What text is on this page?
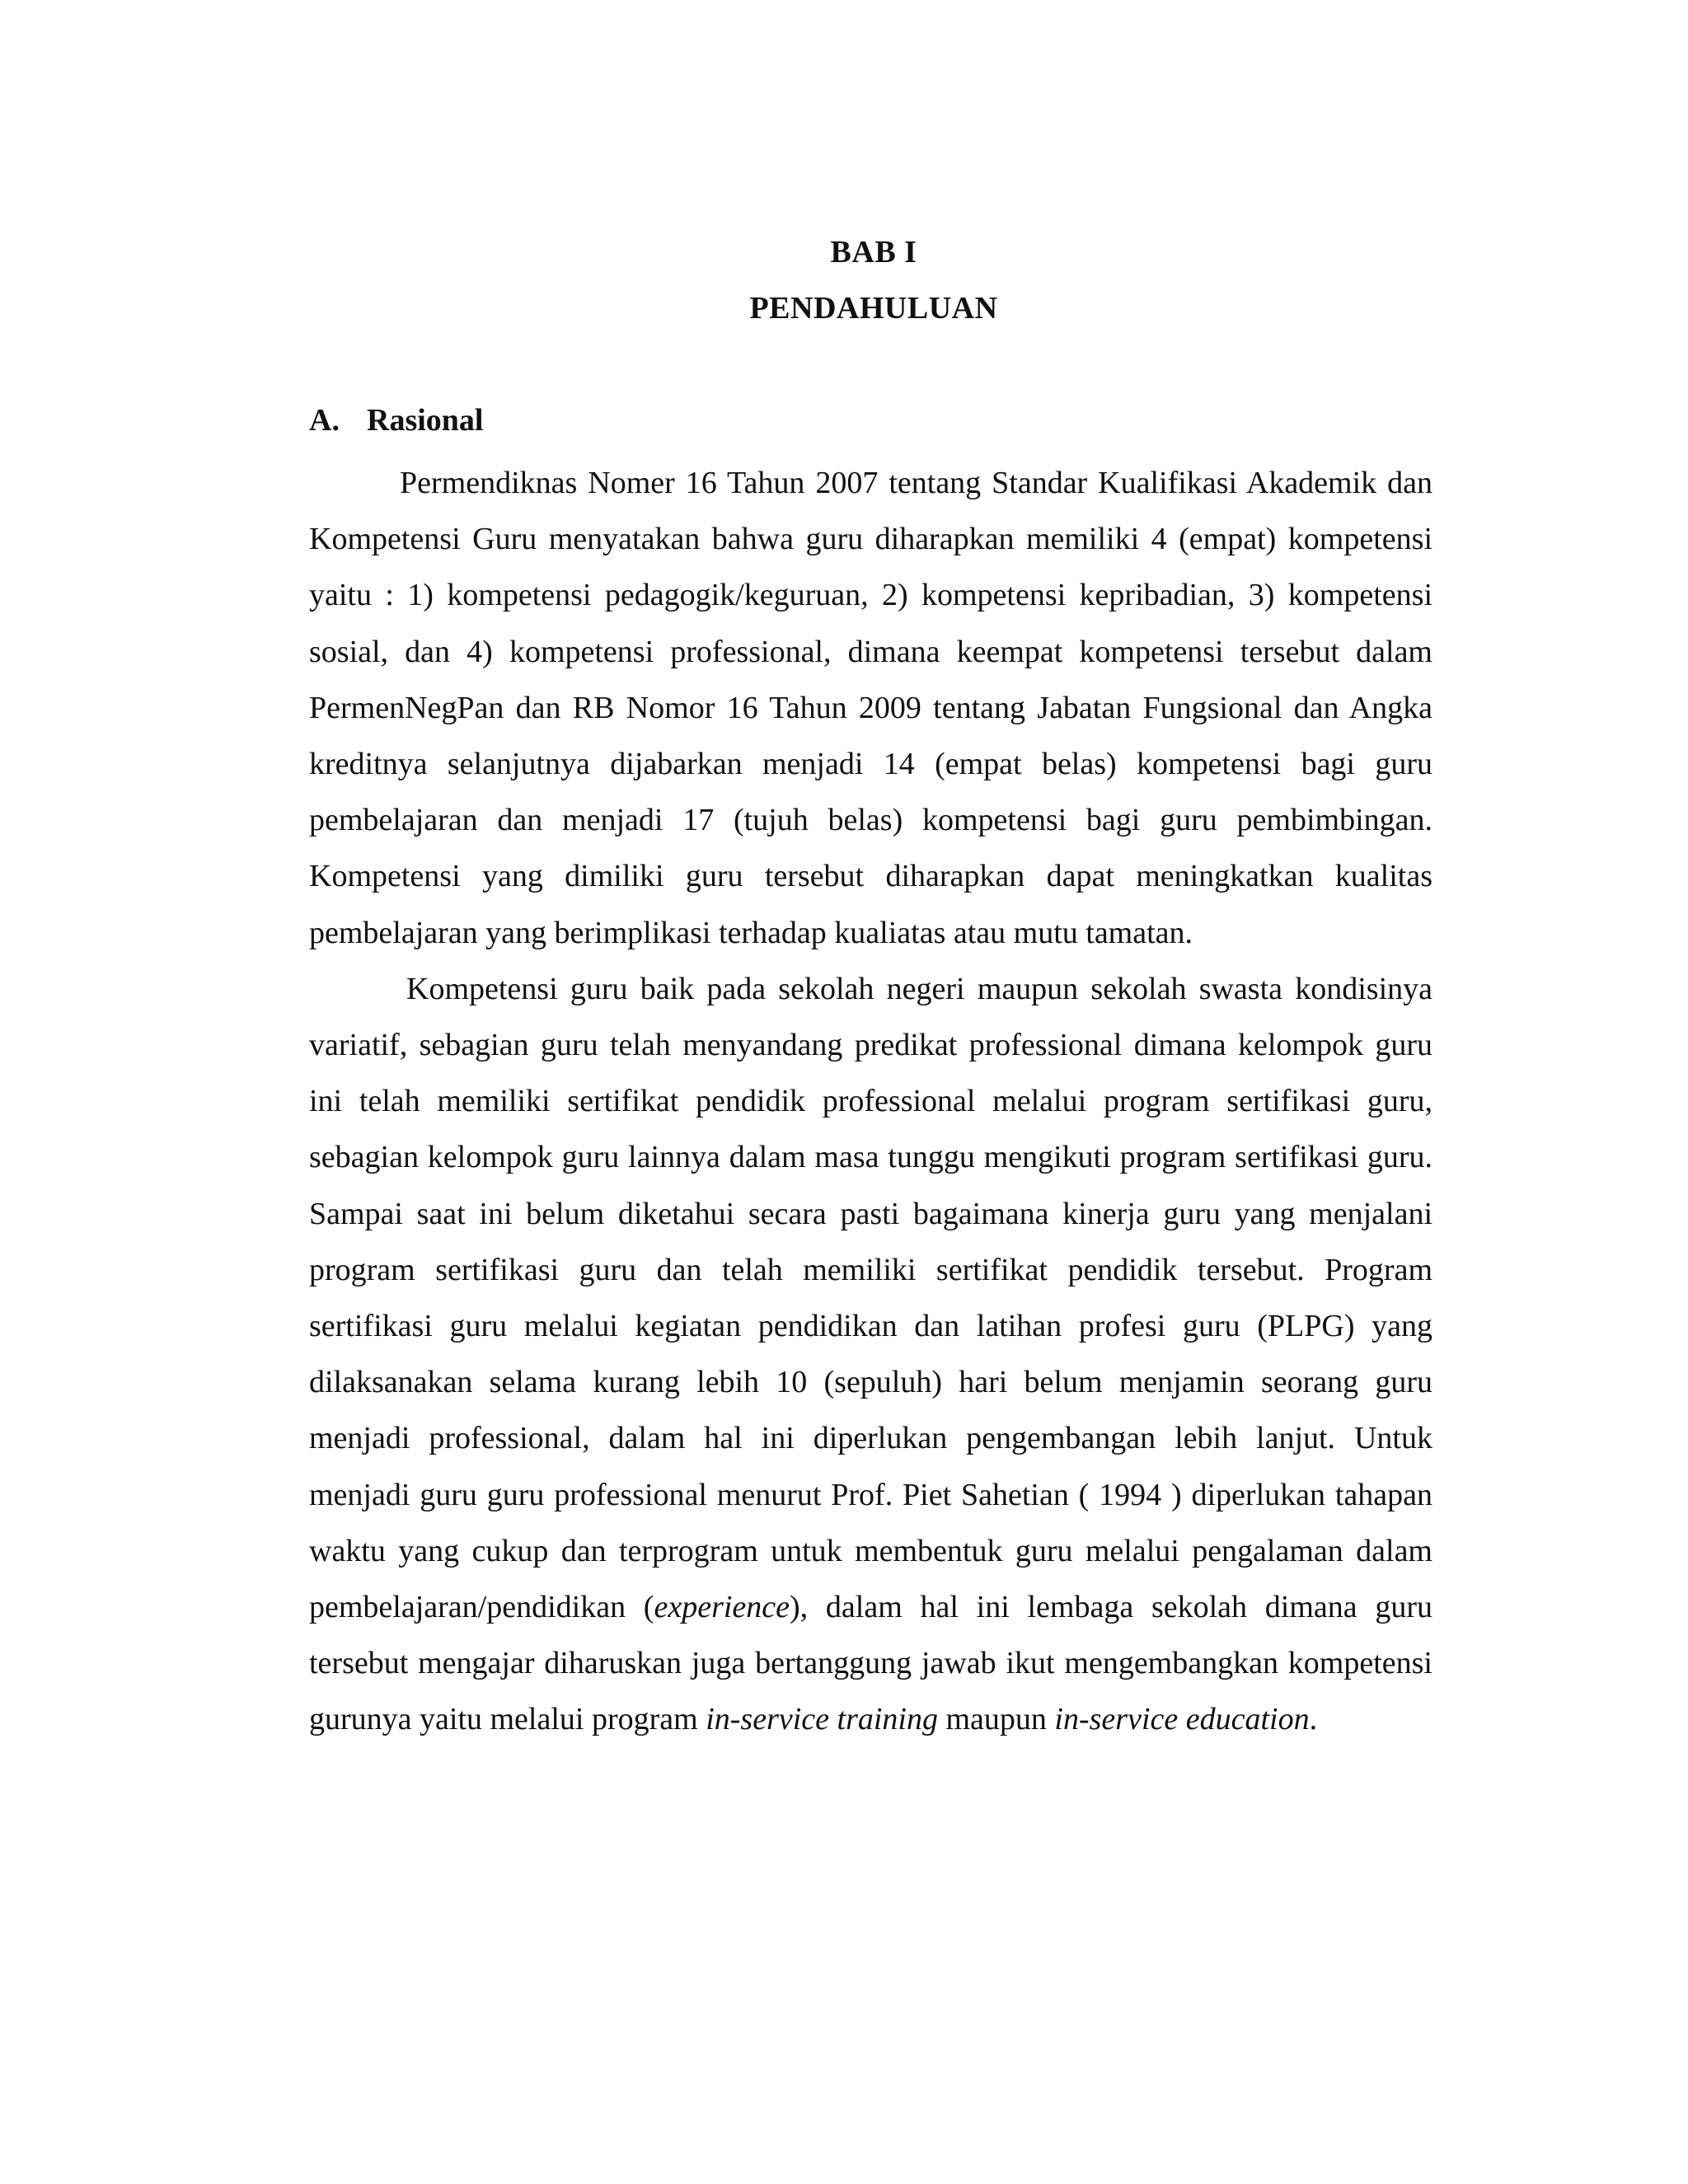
BAB I
PENDAHULUAN
A. Rasional

Permendiknas Nomer 16 Tahun 2007 tentang Standar Kualifikasi Akademik dan Kompetensi Guru menyatakan bahwa guru diharapkan memiliki 4 (empat) kompetensi yaitu : 1) kompetensi pedagogik/keguruan, 2) kompetensi kepribadian, 3) kompetensi sosial, dan 4) kompetensi professional, dimana keempat kompetensi tersebut dalam PermenNegPan dan RB Nomor 16 Tahun 2009 tentang Jabatan Fungsional dan Angka kreditnya selanjutnya dijabarkan menjadi 14 (empat belas) kompetensi bagi guru pembelajaran dan menjadi 17 (tujuh belas) kompetensi bagi guru pembimbingan. Kompetensi yang dimiliki guru tersebut diharapkan dapat meningkatkan kualitas pembelajaran yang berimplikasi terhadap kualiatas atau mutu tamatan.

Kompetensi guru baik pada sekolah negeri maupun sekolah swasta kondisinya variatif, sebagian guru telah menyandang predikat professional dimana kelompok guru ini telah memiliki sertifikat pendidik professional melalui program sertifikasi guru, sebagian kelompok guru lainnya dalam masa tunggu mengikuti program sertifikasi guru. Sampai saat ini belum diketahui secara pasti bagaimana kinerja guru yang menjalani program sertifikasi guru dan telah memiliki sertifikat pendidik tersebut. Program sertifikasi guru melalui kegiatan pendidikan dan latihan profesi guru (PLPG) yang dilaksanakan selama kurang lebih 10 (sepuluh) hari belum menjamin seorang guru menjadi professional, dalam hal ini diperlukan pengembangan lebih lanjut. Untuk menjadi guru guru professional menurut Prof. Piet Sahetian ( 1994 ) diperlukan tahapan waktu yang cukup dan terprogram untuk membentuk guru melalui pengalaman dalam pembelajaran/pendidikan (experience), dalam hal ini lembaga sekolah dimana guru tersebut mengajar diharuskan juga bertanggung jawab ikut mengembangkan kompetensi gurunya yaitu melalui program in-service training maupun in-service education.
